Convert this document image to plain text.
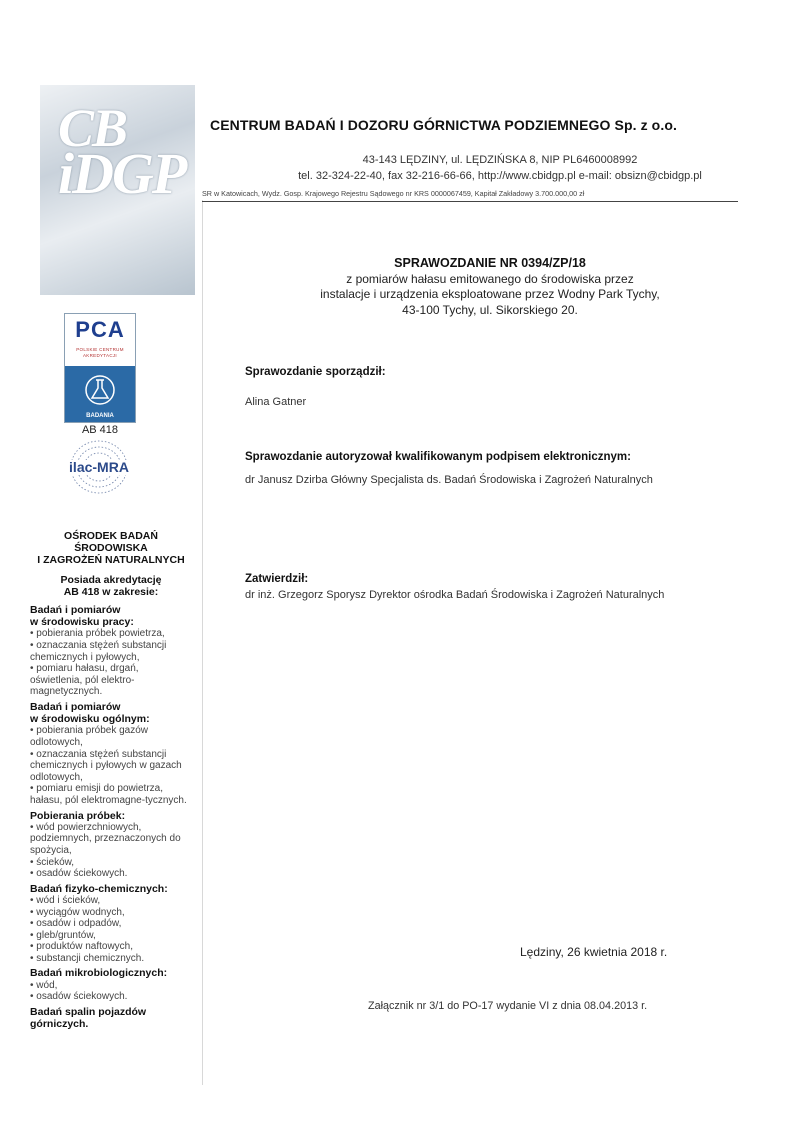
CB
iDGP
PCA
POLSKIE CENTRUM
AKREDYTACJI
BADANIA
AB 418
ilac-MRA
OŚRODEK BADAŃ
ŚRODOWISKA
I ZAGROŻEŃ NATURALNYCH
Posiada akredytację
AB 418 w zakresie:
Badań i pomiarów
w środowisku pracy:
• pobierania próbek powietrza,
• oznaczania stężeń substancji chemicznych i pyłowych,
• pomiaru hałasu, drgań, oświetlenia, pól elektro-magnetycznych.
Badań i pomiarów
w środowisku ogólnym:
• pobierania próbek gazów odlotowych,
• oznaczania stężeń substancji chemicznych i pyłowych w gazach odlotowych,
• pomiaru emisji do powietrza, hałasu, pól elektromagne-tycznych.
Pobierania próbek:
• wód powierzchniowych, podziemnych, przeznaczonych do spożycia,
• ścieków,
• osadów ściekowych.
Badań fizyko-chemicznych:
• wód i ścieków,
• wyciągów wodnych,
• osadów i odpadów,
• gleb/gruntów,
• produktów naftowych,
• substancji chemicznych.
Badań mikrobiologicznych:
• wód,
• osadów ściekowych.
Badań spalin pojazdów
górniczych.
CENTRUM BADAŃ I DOZORU GÓRNICTWA PODZIEMNEGO Sp. z o.o.
43-143 LĘDZINY, ul. LĘDZIŃSKA 8, NIP PL6460008992
tel. 32-324-22-40, fax 32-216-66-66, http://www.cbidgp.pl e-mail: obsizn@cbidgp.pl
SR w Katowicach, Wydz. Gosp. Krajowego Rejestru Sądowego nr KRS 0000067459, Kapitał Zakładowy 3.700.000,00 zł
SPRAWOZDANIE NR 0394/ZP/18
z pomiarów hałasu emitowanego do środowiska przez
instalacje i urządzenia eksploatowane przez Wodny Park Tychy,
43-100 Tychy, ul. Sikorskiego 20.
Sprawozdanie sporządził:
Alina Gatner
Sprawozdanie autoryzował kwalifikowanym podpisem elektronicznym:
dr Janusz Dzirba Główny Specjalista ds. Badań Środowiska i Zagrożeń Naturalnych
Zatwierdził:
dr inż. Grzegorz Sporysz Dyrektor ośrodka Badań Środowiska i Zagrożeń Naturalnych
Lędziny, 26 kwietnia 2018 r.
Załącznik nr 3/1 do PO-17 wydanie VI z dnia 08.04.2013 r.
